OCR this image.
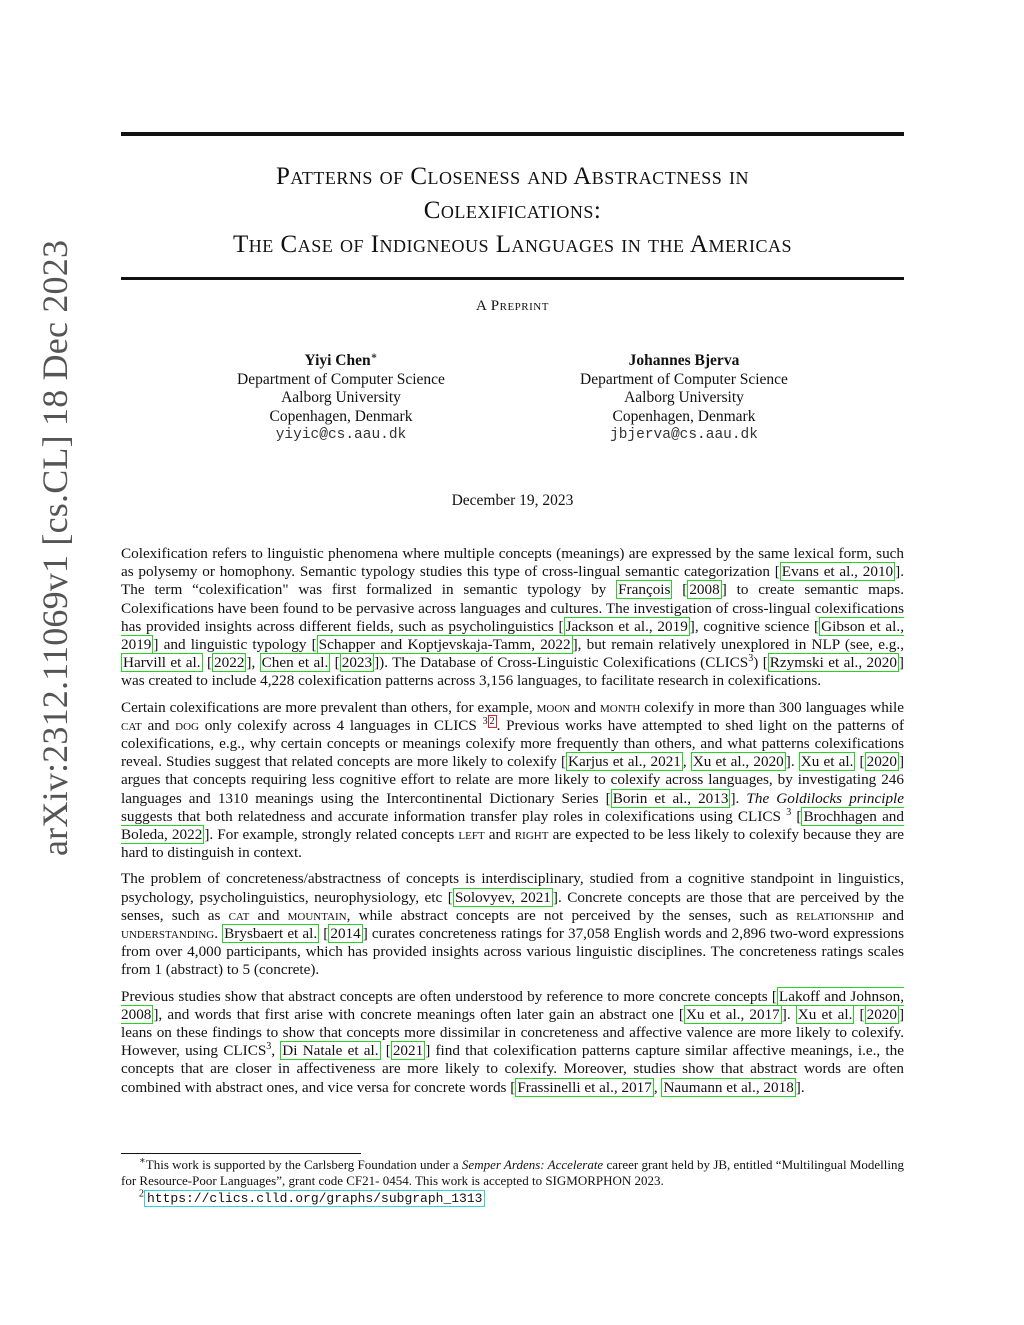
arXiv:2312.11069v1 [cs.CL] 18 Dec 2023
Patterns of Closeness and Abstractness in
Colexifications:
The Case of Indigneous Languages in the Americas
A Preprint
Yiyi Chen∗
Department of Computer Science
Aalborg University
Copenhagen, Denmark
yiyic@cs.aau.dk
Johannes Bjerva
Department of Computer Science
Aalborg University
Copenhagen, Denmark
jbjerva@cs.aau.dk
December 19, 2023

Colexification refers to linguistic phenomena where multiple concepts (meanings) are expressed by the same lexical form, such as polysemy or homophony. Semantic typology studies this type of cross-lingual semantic categorization [ Evans et al., 2010 ]. The term “colexification" was first formalized in semantic typology by François [ 2008 ] to create semantic maps. Colexifications have been found to be pervasive across languages and cultures. The investigation of cross-lingual colexifications has provided insights across different fields, such as psycholinguistics [ Jackson et al., 2019 ], cognitive science [ Gibson et al., 2019 ] and linguistic typology [ Schapper and Koptjevskaja-Tamm, 2022 ], but remain relatively unexplored in NLP (see, e.g., Harvill et al. [ 2022 ], Chen et al. [ 2023 ]). The Database of Cross-Linguistic Colexifications (CLICS$^3$) [ Rzymski et al., 2020 ] was created to include 4,228 colexification patterns across 3,156 languages, to facilitate research in colexifications.

Certain colexifications are more prevalent than others, for example, moon and month colexify in more than 300 languages while cat and dog only colexify across 4 languages in CLICS $^3$ $^2$ . Previous works have attempted to shed light on the patterns of colexifications, e.g., why certain concepts or meanings colexify more frequently than others, and what patterns colexifications reveal. Studies suggest that related concepts are more likely to colexify [ Karjus et al., 2021 , Xu et al., 2020 ]. Xu et al. [ 2020 ] argues that concepts requiring less cognitive effort to relate are more likely to colexify across languages, by investigating 246 languages and 1310 meanings using the Intercontinental Dictionary Series [ Borin et al., 2013 ]. The Goldilocks principle suggests that both relatedness and accurate information transfer play roles in colexifications using CLICS $^3$ [ Brochhagen and Boleda, 2022 ]. For example, strongly related concepts left and right are expected to be less likely to colexify because they are hard to distinguish in context.

The problem of concreteness/abstractness of concepts is interdisciplinary, studied from a cognitive standpoint in linguistics, psychology, psycholinguistics, neurophysiology, etc [ Solovyev, 2021 ]. Concrete concepts are those that are perceived by the senses, such as cat and mountain, while abstract concepts are not perceived by the senses, such as relationship and understanding. Brysbaert et al. [ 2014 ] curates concreteness ratings for 37,058 English words and 2,896 two-word expressions from over 4,000 participants, which has provided insights across various linguistic disciplines. The concreteness ratings scales from 1 (abstract) to 5 (concrete).

Previous studies show that abstract concepts are often understood by reference to more concrete concepts [ Lakoff and Johnson, 2008 ], and words that first arise with concrete meanings often later gain an abstract one [ Xu et al., 2017 ]. Xu et al. [ 2020 ] leans on these findings to show that concepts more dissimilar in concreteness and affective valence are more likely to colexify. However, using CLICS$^3$, Di Natale et al. [ 2021 ] find that colexification patterns capture similar affective meanings, i.e., the concepts that are closer in affectiveness are more likely to colexify. Moreover, studies show that abstract words are often combined with abstract ones, and vice versa for concrete words [ Frassinelli et al., 2017 , Naumann et al., 2018 ].

∗This work is supported by the Carlsberg Foundation under a Semper Ardens: Accelerate career grant held by JB, entitled “Multilingual Modelling for Resource-Poor Languages”, grant code CF21- 0454. This work is accepted to SIGMORPHON 2023.

$^2$ https://clics.clld.org/graphs/subgraph_1313
